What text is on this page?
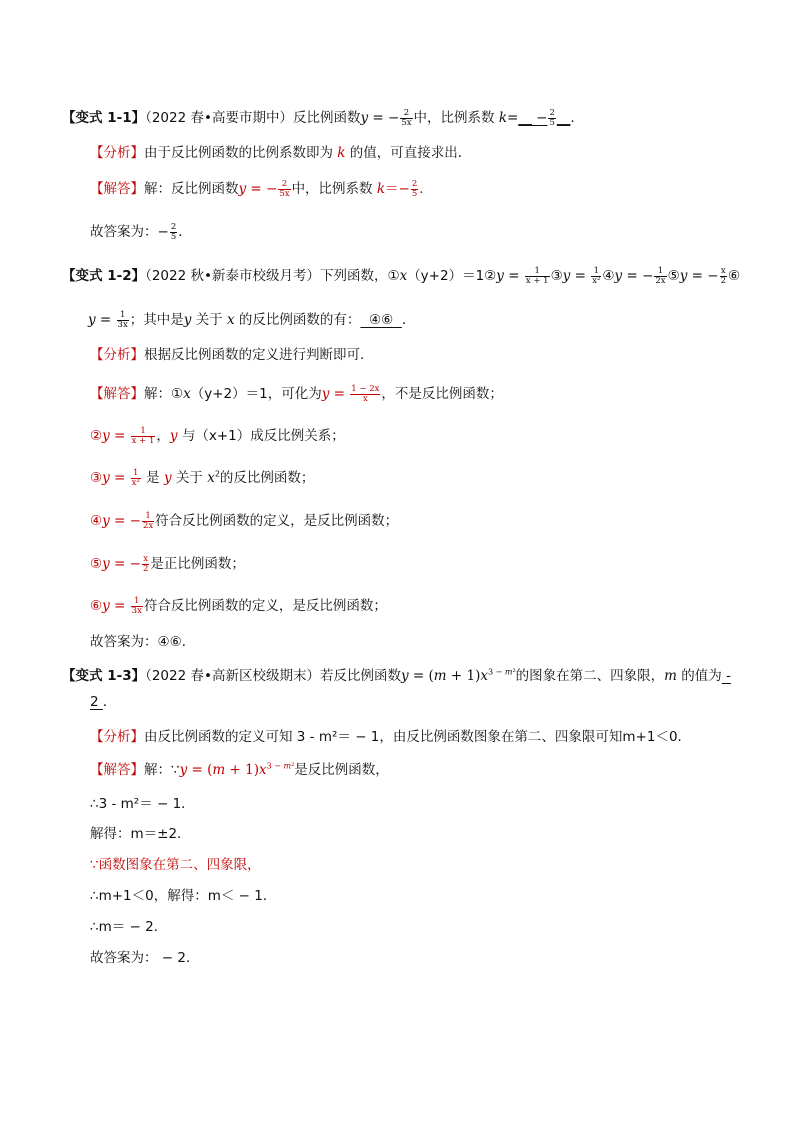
【变式 1-1】（2022 春•高要市期中）反比例函数y = − $\frac{2}{5x}$ 中，比例系数 k=__ − $\frac{2}{5}$ __.
【分析】由于反比例函数的比例系数即为 k 的值，可直接求出．
【解答】解：反比例函数y = − $\frac{2}{5x}$ 中，比例系数 $k=- \frac{2}{5}$ ．
故答案为：− $\frac{2}{5}$ ．
【变式 1-2】（2022 秋•新泰市校级月考）下列函数，①x（y+2）＝1②y = $\frac{1}{x + 1}$ ③y = $\frac{1}{\text{x²}}$ ④y = − $\frac{1}{2x}$ ⑤y = − $\frac{x}{2}$ ⑥
$y = \frac{1}{3x}$ ；其中是y 关于 x 的反比例函数的有： ④⑥ ．
【分析】根据反比例函数的定义进行判断即可．
【解答】解：①x（y+2）＝1，可化为$y = \frac{1 - 2x}{x}$ ，不是反比例函数；
②y = $\frac{1}{x + 1}$ ，y 与（x+1）成反比例关系；
③y = $\frac{1}{\text{x²}}$ 是 y 关于 $x^2$的反比例函数；
④y = − $\frac{1}{2x}$ 符合反比例函数的定义，是反比例函数；
⑤y = − $\frac{x}{2}$ 是正比例函数；
⑥y = $\frac{1}{3x}$ 符合反比例函数的定义，是反比例函数；
故答案为：④⑥．
【变式 1-3】（2022 春•高新区校级期末）若反比例函数$y = (m + 1)x^{3 - m^2}$的图象在第二、四象限，m 的值为 -
2 ．
【分析】由反比例函数的定义可知 3 - m²＝ − 1，由反比例函数图象在第二、四象限可知m+1＜0．
【解答】解：∵y = $(m + 1)x^{3 - m^2}$是反比例函数，
∴3 - m²＝ − 1．
解得：m＝±2．
∵函数图象在第二、四象限，
∴m+1＜0，解得：m＜ − 1．
∴m＝ − 2．
故答案为： − 2．
